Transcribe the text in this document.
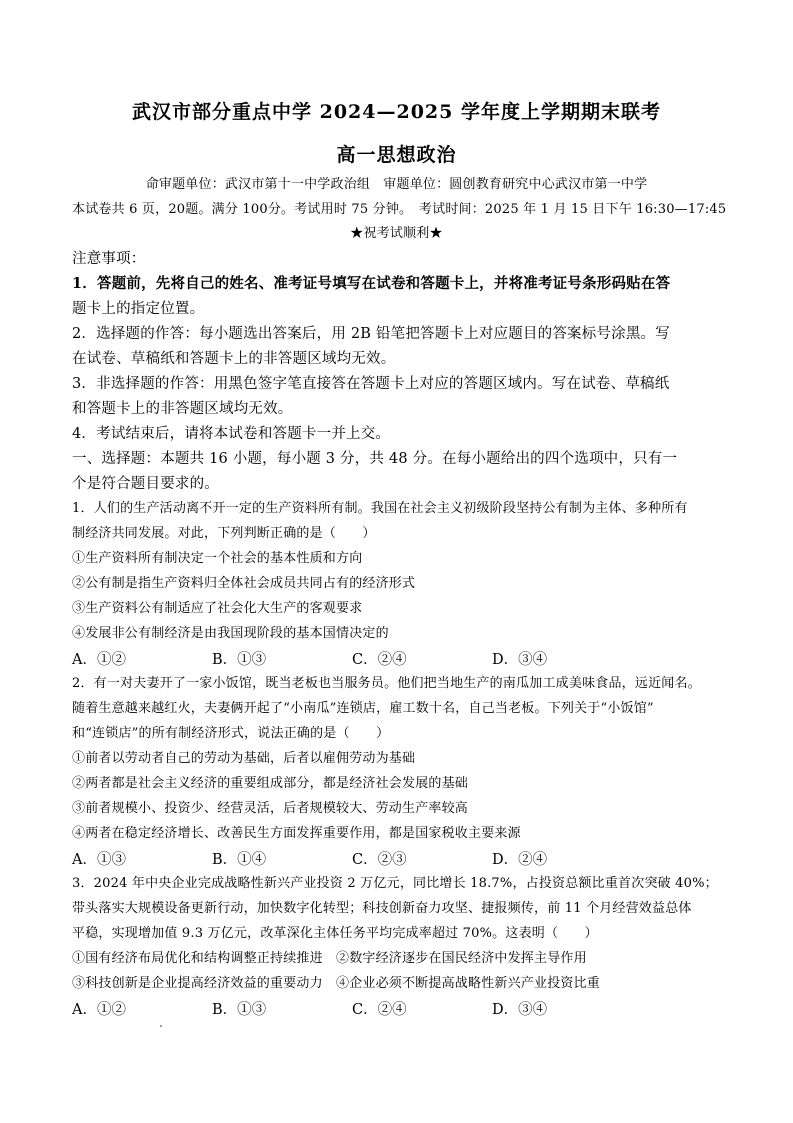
武汉市部分重点中学 2024—2025 学年度上学期期末联考
高一思想政治
命审题单位：武汉市第十一中学政治组　审题单位：圆创教育研究中心武汉市第一中学
本试卷共 6 页，20题。满分 100分。考试用时 75 分钟。　考试时间：2025 年 1 月 15 日下午 16:30—17:45
★祝考试顺利★
注意事项：
1．答题前，先将自己的姓名、准考证号填写在试卷和答题卡上，并将准考证号条形码贴在答
题卡上的指定位置。
2．选择题的作答：每小题选出答案后，用 2B 铅笔把答题卡上对应题目的答案标号涂黑。写
在试卷、草稿纸和答题卡上的非答题区域均无效。
3．非选择题的作答：用黑色签字笔直接答在答题卡上对应的答题区域内。写在试卷、草稿纸
和答题卡上的非答题区域均无效。
4．考试结束后，请将本试卷和答题卡一并上交。
一、选择题：本题共 16 小题，每小题 3 分，共 48 分。在每小题给出的四个选项中，只有一
个是符合题目要求的。
1．人们的生产活动离不开一定的生产资料所有制。我国在社会主义初级阶段坚持公有制为主体、多种所有
制经济共同发展。对此，下列判断正确的是（　　）
①生产资料所有制决定一个社会的基本性质和方向
②公有制是指生产资料归全体社会成员共同占有的经济形式
③生产资料公有制适应了社会化大生产的客观要求
④发展非公有制经济是由我国现阶段的基本国情决定的
A．①②	B．①③	C．②④	D．③④
2．有一对夫妻开了一家小饭馆，既当老板也当服务员。他们把当地生产的南瓜加工成美味食品，远近闻名。
随着生意越来越红火，夫妻俩开起了“小南瓜”连锁店，雇工数十名，自己当老板。下列关于“小饭馆”
和“连锁店”的所有制经济形式，说法正确的是（　　）
①前者以劳动者自己的劳动为基础，后者以雇佣劳动为基础
②两者都是社会主义经济的重要组成部分，都是经济社会发展的基础
③前者规模小、投资少、经营灵活，后者规模较大、劳动生产率较高
④两者在稳定经济增长、改善民生方面发挥重要作用，都是国家税收主要来源
A．①③	B．①④	C．②③	D．②④
3．2024 年中央企业完成战略性新兴产业投资 2 万亿元，同比增长 18.7%，占投资总额比重首次突破 40%；
带头落实大规模设备更新行动，加快数字化转型；科技创新奋力攻坚、捷报频传，前 11 个月经营效益总体
平稳，实现增加值 9.3 万亿元，改革深化主体任务平均完成率超过 70%。这表明（　　）
①国有经济布局优化和结构调整正持续推进　②数字经济逐步在国民经济中发挥主导作用
③科技创新是企业提高经济效益的重要动力　④企业必须不断提高战略性新兴产业投资比重
A．①②	B．①③	C．②④	D．③④
